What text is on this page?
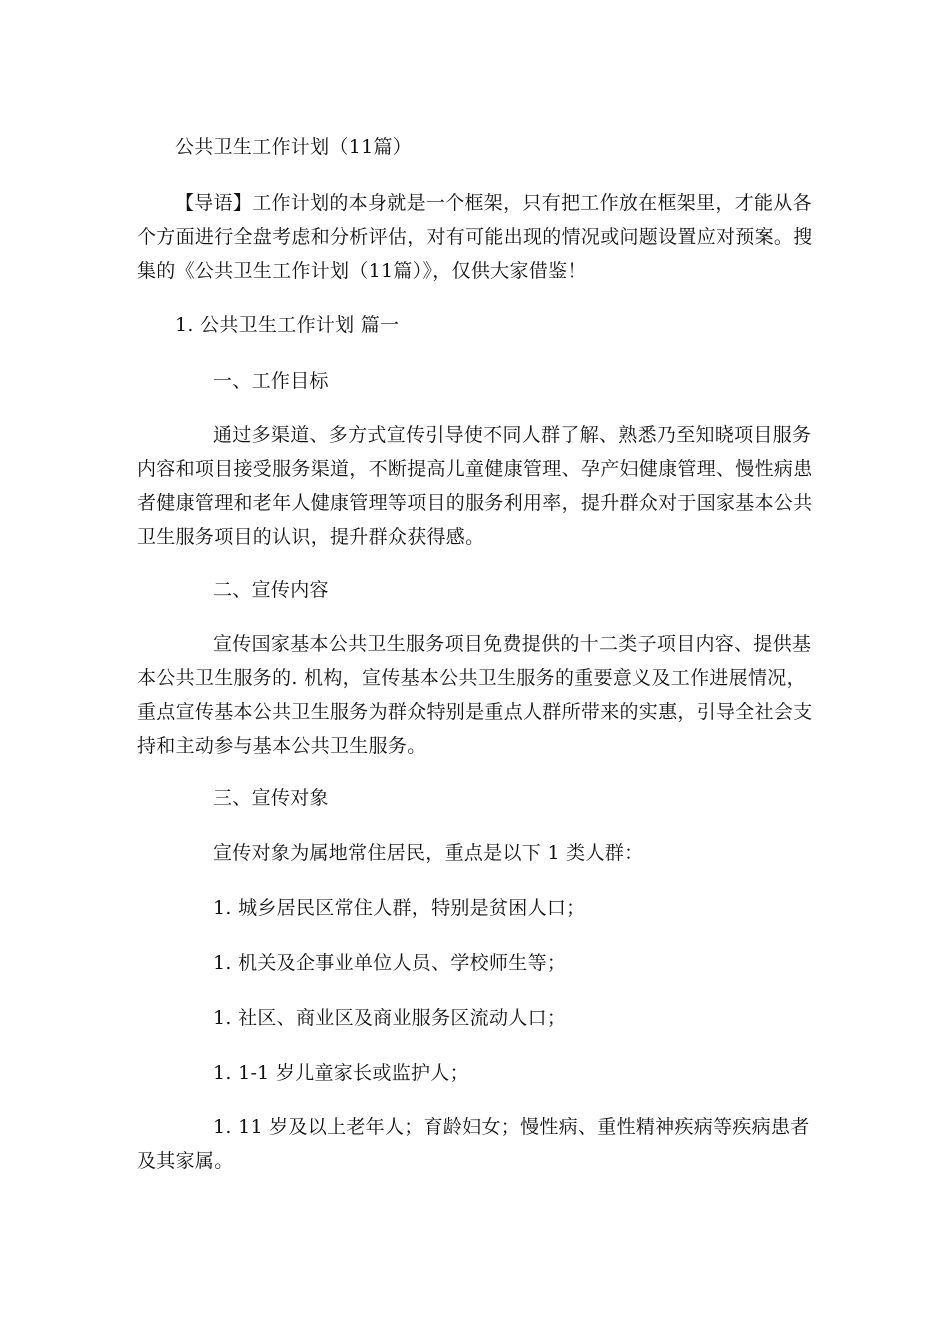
公共卫生工作计划（11篇）
【导语】工作计划的本身就是一个框架，只有把工作放在框架里，才能从各个方面进行全盘考虑和分析评估，对有可能出现的情况或问题设置应对预案。搜集的《公共卫生工作计划（11篇）》，仅供大家借鉴！
1. 公共卫生工作计划 篇一
一、工作目标
通过多渠道、多方式宣传引导使不同人群了解、熟悉乃至知晓项目服务内容和项目接受服务渠道，不断提高儿童健康管理、孕产妇健康管理、慢性病患者健康管理和老年人健康管理等项目的服务利用率，提升群众对于国家基本公共卫生服务项目的认识，提升群众获得感。
二、宣传内容
宣传国家基本公共卫生服务项目免费提供的十二类子项目内容、提供基本公共卫生服务的. 机构，宣传基本公共卫生服务的重要意义及工作进展情况，重点宣传基本公共卫生服务为群众特别是重点人群所带来的实惠，引导全社会支持和主动参与基本公共卫生服务。
三、宣传对象
宣传对象为属地常住居民，重点是以下 1 类人群：
1. 城乡居民区常住人群，特别是贫困人口；
1. 机关及企事业单位人员、学校师生等；
1. 社区、商业区及商业服务区流动人口；
1. 1-1 岁儿童家长或监护人；
1. 11 岁及以上老年人；育龄妇女；慢性病、重性精神疾病等疾病患者及其家属。
